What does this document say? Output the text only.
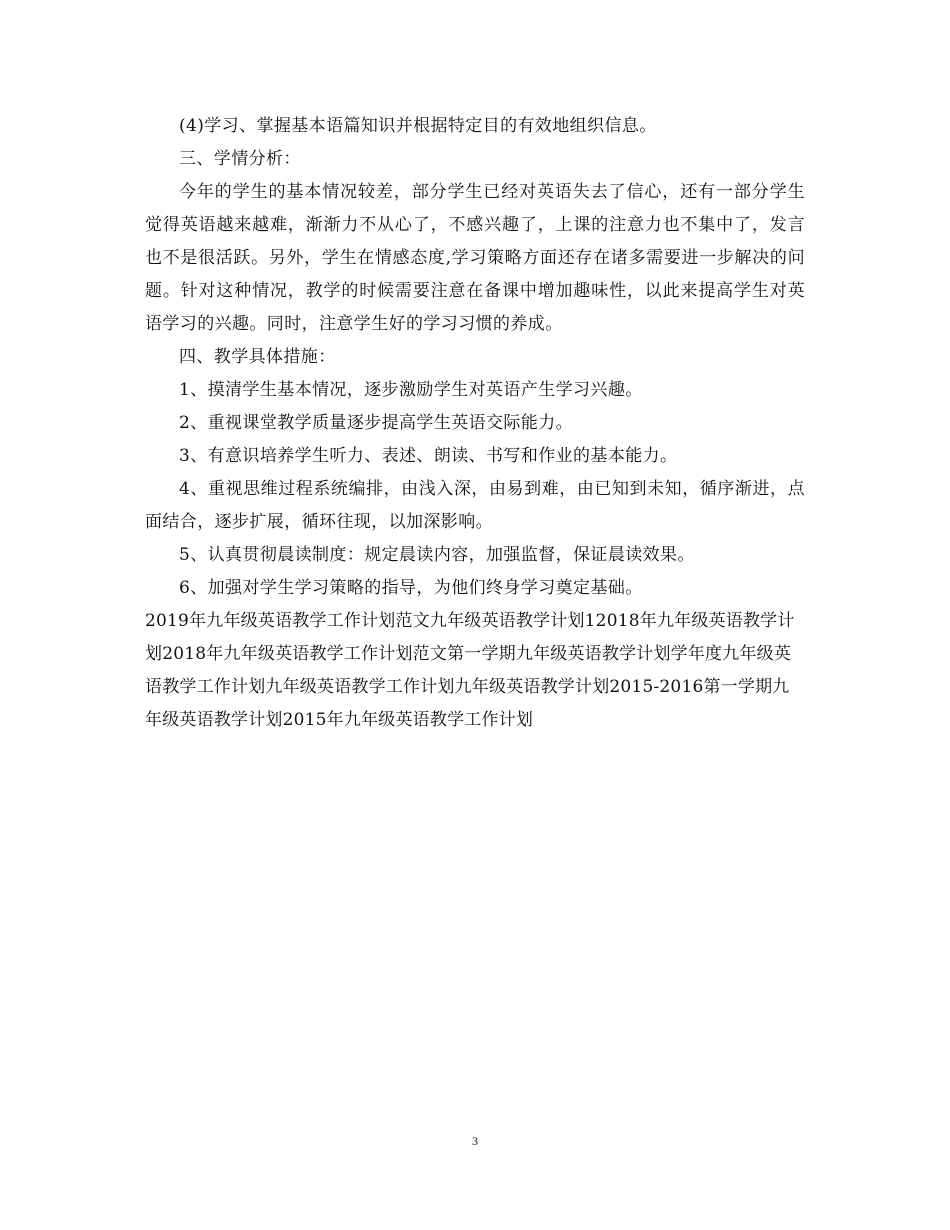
(4)学习、掌握基本语篇知识并根据特定目的有效地组织信息。

三、学情分析：

今年的学生的基本情况较差，部分学生已经对英语失去了信心，还有一部分学生觉得英语越来越难，渐渐力不从心了，不感兴趣了，上课的注意力也不集中了，发言也不是很活跃。另外，学生在情感态度,学习策略方面还存在诸多需要进一步解决的问题。针对这种情况，教学的时候需要注意在备课中增加趣味性，以此来提高学生对英语学习的兴趣。同时，注意学生好的学习习惯的养成。

四、教学具体措施：

1、摸清学生基本情况，逐步激励学生对英语产生学习兴趣。

2、重视课堂教学质量逐步提高学生英语交际能力。

3、有意识培养学生听力、表述、朗读、书写和作业的基本能力。

4、重视思维过程系统编排，由浅入深，由易到难，由已知到未知，循序渐进，点面结合，逐步扩展，循环往现，以加深影响。

5、认真贯彻晨读制度：规定晨读内容，加强监督，保证晨读效果。

6、加强对学生学习策略的指导，为他们终身学习奠定基础。

2019年九年级英语教学工作计划范文九年级英语教学计划12018年九年级英语教学计划2018年九年级英语教学工作计划范文第一学期九年级英语教学计划学年度九年级英语教学工作计划九年级英语教学工作计划九年级英语教学计划2015-2016第一学期九年级英语教学计划2015年九年级英语教学工作计划

3
